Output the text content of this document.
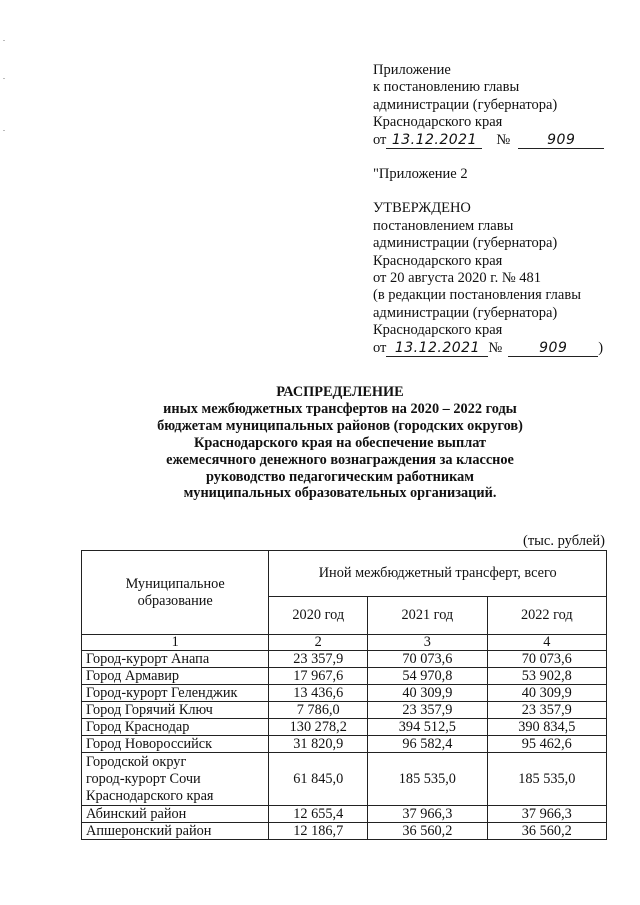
Приложение
к постановлению главы
администрации (губернатора)
Краснодарского края
от 13.12.2021	№	909
"Приложение 2
УТВЕРЖДЕНО
постановлением главы
администрации (губернатора)
Краснодарского края
от 20 августа 2020 г. № 481
(в редакции постановления главы
администрации (губернатора)
Краснодарского края
от 13.12.2021 №	909	)
РАСПРЕДЕЛЕНИЕ
иных межбюджетных трансфертов на 2020 – 2022 годы
бюджетам муниципальных районов (городских округов)
Краснодарского края на обеспечение выплат
ежемесячного денежного вознаграждения за классное
руководство педагогическим работникам
муниципальных образовательных организаций.
(тыс. рублей)
Муниципальное образование	Иной межбюджетный трансферт, всего		
	2020 год	2021 год	2022 год
1	2	3	4
Город-курорт Анапа	23 357,9	70 073,6	70 073,6
Город Армавир	17 967,6	54 970,8	53 902,8
Город-курорт Геленджик	13 436,6	40 309,9	40 309,9
Город Горячий Ключ	7 786,0	23 357,9	23 357,9
Город Краснодар	130 278,2	394 512,5	390 834,5
Город Новороссийск	31 820,9	96 582,4	95 462,6

Городской округ
город-курорт Сочи
Краснодарского края	61 845,0	185 535,0	185 535,0
Абинский район	12 655,4	37 966,3	37 966,3
Апшеронский район	12 186,7	36 560,2	36 560,2
